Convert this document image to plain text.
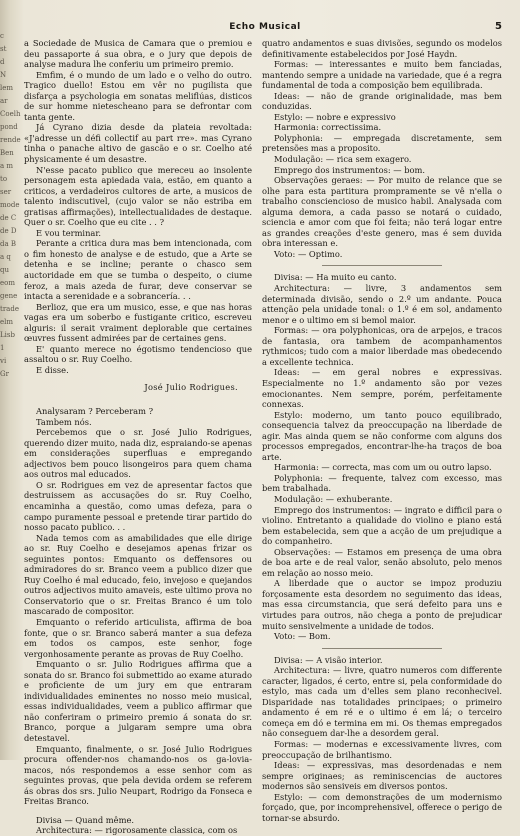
c
st
d
N
lem
ar
Coelh
pond
rende
Ben
a m
to
ser
mode
de C
de D
da B
a q
qu
eom
gene
trade
elm
Lisb
1
vi
Gr
Echo Musical	5

a Sociedade de Musica de Camara que o premiou e deu passaporte á sua obra, e o jury que depois de analyse madura lhe conferiu um primeiro premio.

Emfim, é o mundo de um lado e o velho do outro. Tragico duello! Estou em vêr no pugilista que disfarça a psychologia em sonatas meliflúas, disticos de sur homme nietescheano para se defrontar com tanta gente.

Já Cyrano dizia desde da plateia revoltada: «J'adresse un défi collectif au part rre». mas Cyrano tinha o panache altivo de gascão e o sr. Coelho até physicamente é um desastre.

N'esse pacato publico que mereceu ao insolente personagem esta apiedada vaia, estão, em quanto a criticos, a verdadeiros cultores de arte, a musicos de talento indiscutivel, (cujo valor se não estriba em gratisas affirmações), intellectualidades de destaque. Quer o sr. Coelho que eu cite . . ?

E vou terminar.

Perante a critica dura mas bem intencionada, com o fim honesto de analyse e de estudo, que a Arte se detenha e se incline; perante o chasco sem auctoridade em que se tumba o despeito, o ciume feroz, a mais azeda de furar, deve conservar se intacta a serenidade e a sobrancería. . .

Berlioz, que era um musico, esse, e que nas horas vagas era um soberbo e fustigante critico, escreveu alguris: il serait vraiment deplorable que certaines œuvres fussent admirées par de certaines gens.

E' quanto merece no égotismo tendencioso que assaltou o sr. Ruy Coelho.

E disse.

José Julio Rodrigues.

Analysaram ? Perceberam ?

Tambem nós.

Percebemos que o sr. José Julio Rodrigues, querendo dizer muito, nada diz, espraiando-se apenas em considerações superfluas e empregando adjectivos bem pouco lisongeiros para quem chama aos outros mal educados.

O sr. Rodrigues em vez de apresentar factos que destruissem as accusações do sr. Ruy Coelho, encaminha a questão, como umas defeza, para o campo puramente pessoal e pretende tirar partido do nosso pacato publico. . .

Nada temos com as amabilidades que elle dirige ao sr. Ruy Coelho e desejamos apenas frizar os seguintes pontos: Emquanto os deffensores ou admiradores do sr. Branco veem a publico dizer que Ruy Coelho é mal educado, feio, invejoso e quejandos outros adjectivos muito amaveis, este ultimo prova no Conservatorio que o sr. Freitas Branco é um tolo mascarado de compositor.

Emquanto o referido articulista, affirma de boa fonte, que o sr. Branco saberá manter a sua defeza em todos os campos, este senhor, foge vergonhosamente perante as provas de Ruy Coelho.

Emquanto o sr. Julio Rodrigues affirma que a sonata do sr. Branco foi submettido ao exame aturado e proficiente de um jury em que entraram individualidades eminentes no nosso meio musical, essas individualidades, veem a publico affirmar que não conferiram o primeiro premio á sonata do sr. Branco, porque a julgaram sempre uma obra detestavel.

Emquanto, finalmente, o sr. José Julio Rodrigues procura offender-nos chamando-nos os ga-lovia-macos, nós respondemos a esse senhor com as seguintes provas, que pela devida ordem se referem ás obras dos srs. Julio Neupart, Rodrigo da Fonseca e Freitas Branco.

Divisa — Quand même.

Architectura: — rigorosamente classica, com os

quatro andamentos e suas divisões, segundo os modelos definitivamente estabelecidos por José Haydn.

Formas: — interessantes e muito bem fanciadas, mantendo sempre a unidade na variedade, que é a regra fundamental de toda a composição bem equilibrada.

Ideas: — não de grande originalidade, mas bem conduzidas.

Estylo: — nobre e expressivo

Harmonia: correctissima.

Polyphonia: — empregada discretamente, sem pretensões mas a proposito.

Modulação: — rica sem exagero.

Emprego dos instrumentos: — bom.

Observações geraes: — Por muito de relance que se olhe para esta partitura prompramente se vê n'ella o trabalho consciencioso de musico habil. Analysada com alguma demora, a cada passo se notará o cuidado, sciencia e amor com que foi feita; não terá logar entre as grandes creações d'este genero, mas é sem duvida obra interessan e.

Voto: — Optimo.

Divisa: — Ha muito eu canto.

Architectura: — livre, 3 andamentos sem determinada divisão, sendo o 2.º um andante. Pouca attenção pela unidade tonal: o 1.º é em sol, andamento menor e o ultimo em si bemol maior.

Formas: — ora polyphonicas, ora de arpejos, e tracos de fantasia, ora tambem de acompanhamentos rythmicos; tudo com a maior liberdade mas obedecendo a excellente technica.

Ideas: — em geral nobres e expressivas. Especialmente no 1.º andamento são por vezes emocionantes. Nem sempre, porém, perfeitamente connexas.

Estylo: moderno, um tanto pouco equilibrado, consequencia talvez da preoccupação na liberdade de agir. Mas ainda quem se não conforme com alguns dos processos empregados, encontrar-lhe-ha traços de boa arte.

Harmonia: — correcta, mas com um ou outro lapso.

Polyphonia: — frequente, talvez com excesso, mas bem trabalhada.

Modulação: — exhuberante.

Emprego dos instrumentos: — ingrato e difficil para o violino. Entretanto a qualidade do violino e piano está bem estabelecida, sem que a acção de um prejudique a do companheiro.

Observações: — Estamos em presença de uma obra de boa arte e de real valor, senão absoluto, pelo menos em relação ao nosso meio.

A liberdade que o auctor se impoz produziu forçosamente esta desordem no seguimento das ideas, mas essa circumstancia, que será defeito para uns e virtudes para outros, não chega a ponto de prejudicar muito sensivelmente a unidade de todos.

Voto: — Bom.

Divisa: — A visão interior.

Architectura: — livre, quatro numeros com differente caracter, ligados, é certo, entre si, pela conformidade do estylo, mas cada um d'elles sem plano reconhecivel. Disparidade nas totalidades principaes; o primeiro andamento é em ré e o ultimo é em lá; o terceiro começa em dó e termina em mi. Os themas empregados não conseguem dar-lhe a desordem geral.

Formas: — modernas e excessivamente livres, com preoccupação de brilhantismo.

Ideas: — expressivas, mas desordenadas e nem sempre originaes; as reminiscencias de auctores modernos são sensiveis em diversos pontos.

Estylo: — com demonstrações de um modernismo forçado, que, por incomprehensivel, offerece o perigo de tornar-se absurdo.
